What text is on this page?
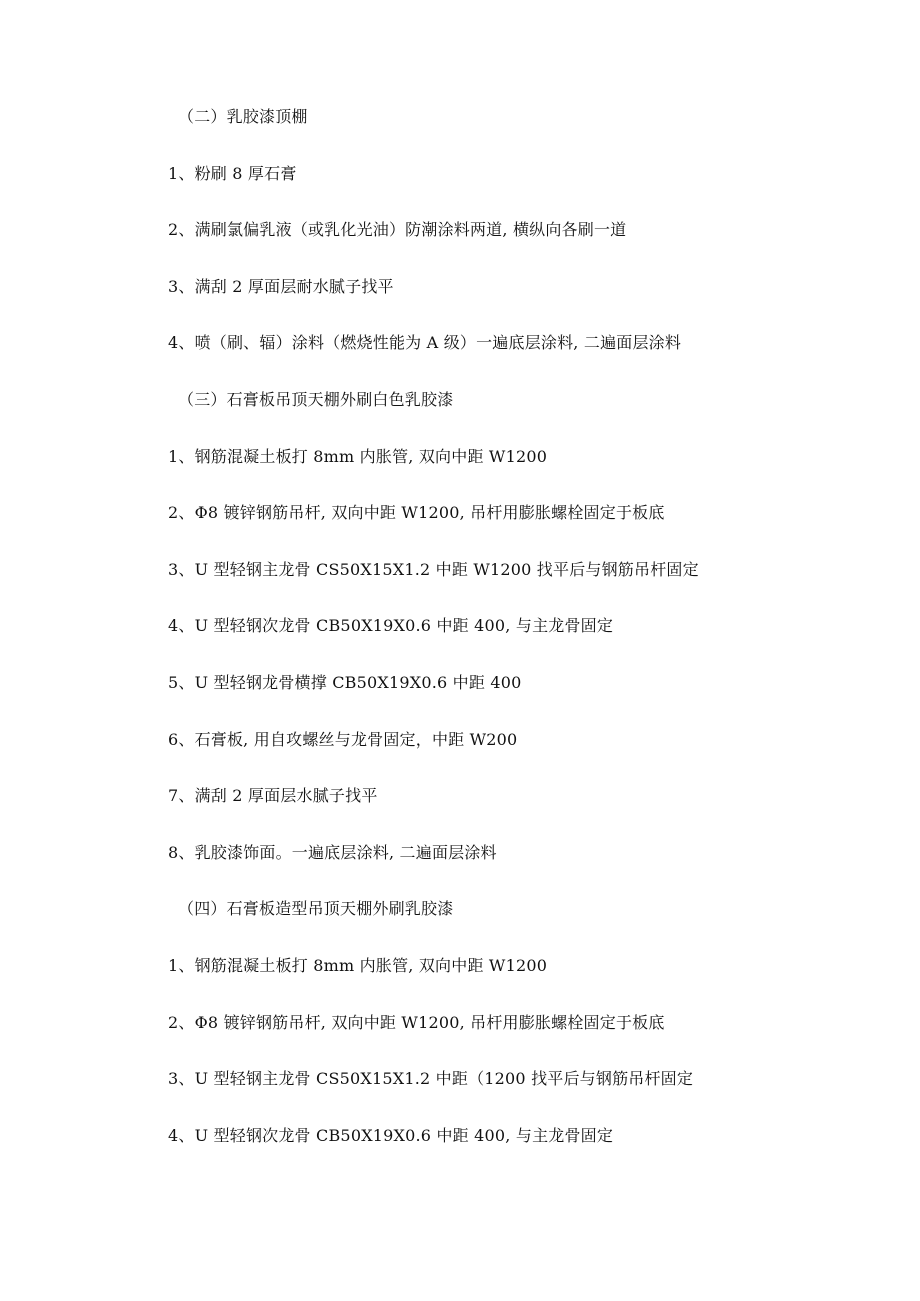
（二）乳胶漆顶棚
1、粉刷 8 厚石膏
2、满刷氯偏乳液（或乳化光油）防潮涂料两道, 横纵向各刷一道
3、满刮 2 厚面层耐水腻子找平
4、喷（刷、辐）涂料（燃烧性能为 A 级）一遍底层涂料, 二遍面层涂料
（三）石膏板吊顶天棚外刷白色乳胶漆
1、钢筋混凝土板打 8mm 内胀管, 双向中距 W1200
2、Φ8 镀锌钢筋吊杆, 双向中距 W1200, 吊杆用膨胀螺栓固定于板底
3、U 型轻钢主龙骨 CS50X15X1.2 中距 W1200 找平后与钢筋吊杆固定
4、U 型轻钢次龙骨 CB50X19X0.6 中距 400, 与主龙骨固定
5、U 型轻钢龙骨横撑 CB50X19X0.6 中距 400
6、石膏板, 用自攻螺丝与龙骨固定，中距 W200
7、满刮 2 厚面层水腻子找平
8、乳胶漆饰面。一遍底层涂料, 二遍面层涂料
（四）石膏板造型吊顶天棚外刷乳胶漆
1、钢筋混凝土板打 8mm 内胀管, 双向中距 W1200
2、Φ8 镀锌钢筋吊杆, 双向中距 W1200, 吊杆用膨胀螺栓固定于板底
3、U 型轻钢主龙骨 CS50X15X1.2 中距（1200 找平后与钢筋吊杆固定
4、U 型轻钢次龙骨 CB50X19X0.6 中距 400, 与主龙骨固定
